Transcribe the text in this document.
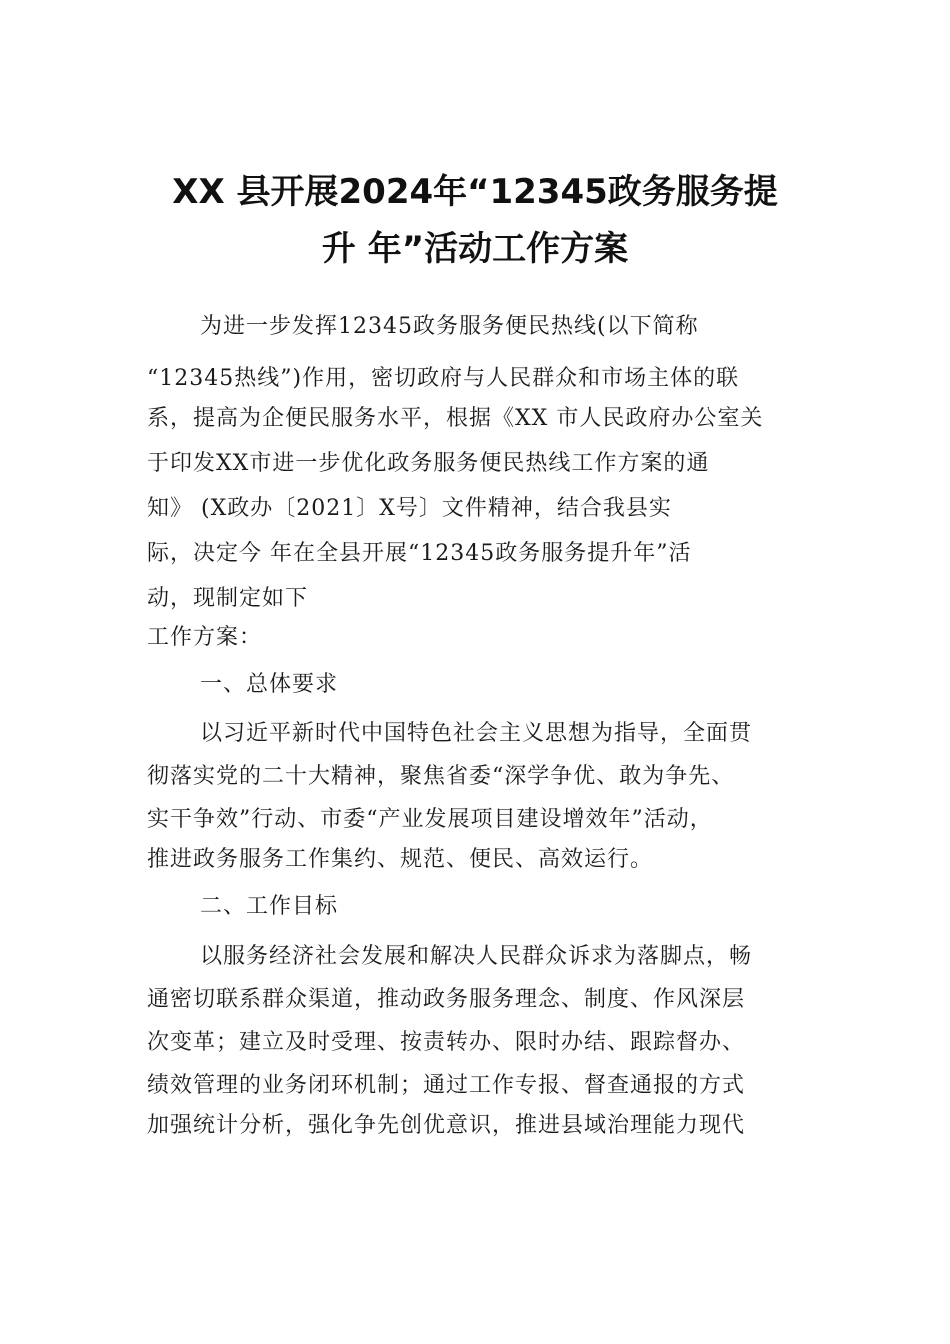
XX 县开展2024年“12345政务服务提
升 年”活动工作方案
为进一步发挥12345政务服务便民热线(以下简称
“12345热线”)作用，密切政府与人民群众和市场主体的联
系，提高为企便民服务水平，根据《XX 市人民政府办公室关
于印发XX市进一步优化政务服务便民热线工作方案的通
知》 (X政办〔2021〕X号〕文件精神，结合我县实
际，决定今 年在全县开展“12345政务服务提升年”活
动，现制定如下
工作方案：
一、总体要求
以习近平新时代中国特色社会主义思想为指导，全面贯
彻落实党的二十大精神，聚焦省委“深学争优、敢为争先、
实干争效”行动、市委“产业发展项目建设增效年”活动，
推进政务服务工作集约、规范、便民、高效运行。
二、工作目标
以服务经济社会发展和解决人民群众诉求为落脚点，畅
通密切联系群众渠道，推动政务服务理念、制度、作风深层
次变革；建立及时受理、按责转办、限时办结、跟踪督办、
绩效管理的业务闭环机制；通过工作专报、督查通报的方式
加强统计分析，强化争先创优意识，推进县域治理能力现代
